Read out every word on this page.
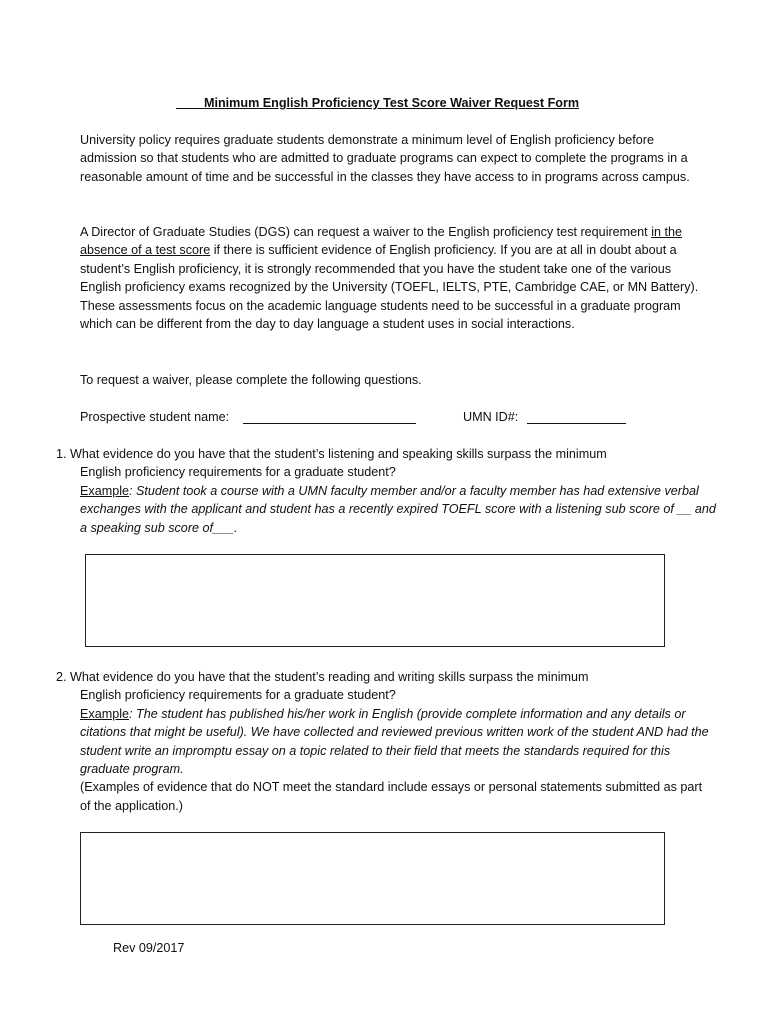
Minimum English Proficiency Test Score Waiver Request Form
University policy requires graduate students demonstrate a minimum level of English proficiency before admission so that students who are admitted to graduate programs can expect to complete the programs in a reasonable amount of time and be successful in the classes they have access to in programs across campus.
A Director of Graduate Studies (DGS) can request a waiver to the English proficiency test requirement in the absence of a test score if there is sufficient evidence of English proficiency. If you are at all in doubt about a student’s English proficiency, it is strongly recommended that you have the student take one of the various English proficiency exams recognized by the University (TOEFL, IELTS, PTE, Cambridge CAE, or MN Battery). These assessments focus on the academic language students need to be successful in a graduate program which can be different from the day to day language a student uses in social interactions.
To request a waiver, please complete the following questions.
Prospective student name:	UMN ID#:
1. What evidence do you have that the student’s listening and speaking skills surpass the minimum
English proficiency requirements for a graduate student?
Example: Student took a course with a UMN faculty member and/or a faculty member has had extensive verbal exchanges with the applicant and student has a recently expired TOEFL score with a listening sub score of __ and a speaking sub score of___.
2. What evidence do you have that the student’s reading and writing skills surpass the minimum
English proficiency requirements for a graduate student?
Example: The student has published his/her work in English (provide complete information and any details or citations that might be useful). We have collected and reviewed previous written work of the student AND had the student write an impromptu essay on a topic related to their field that meets the standards required for this graduate program.
(Examples of evidence that do NOT meet the standard include essays or personal statements submitted as part of the application.)
Rev 09/2017
